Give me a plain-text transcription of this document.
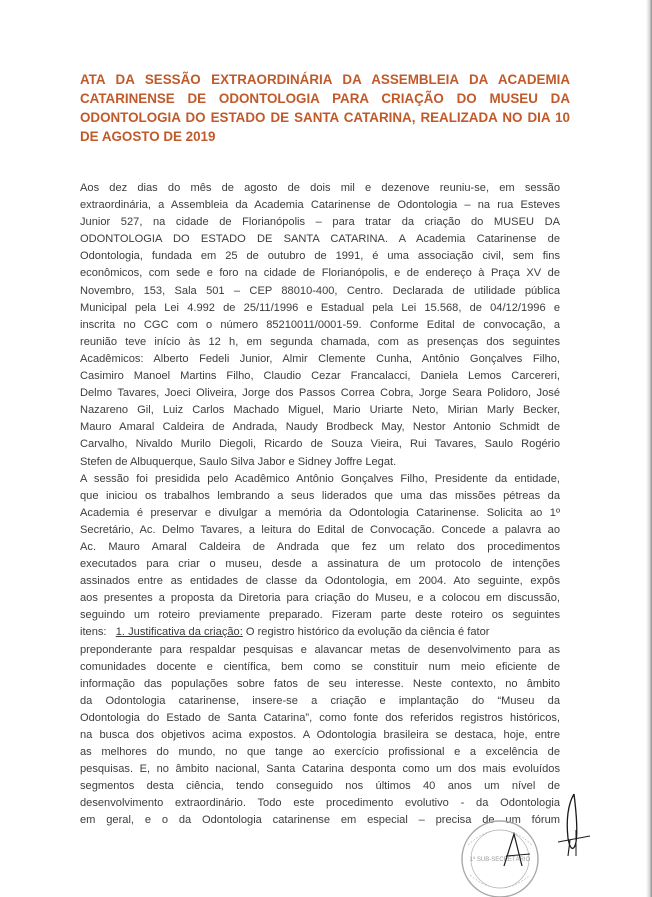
ATA DA SESSÃO EXTRAORDINÁRIA DA ASSEMBLEIA DA ACADEMIA
CATARINENSE DE ODONTOLOGIA PARA CRIAÇÃO DO MUSEU DA
ODONTOLOGIA DO ESTADO DE SANTA CATARINA, REALIZADA NO DIA 10
DE AGOSTO DE 2019
Aos dez dias do mês de agosto de dois mil e dezenove reuniu-se, em sessão
extraordinária, a Assembleia da Academia Catarinense de Odontologia – na rua Esteves
Junior 527, na cidade de Florianópolis – para tratar da criação do MUSEU DA
ODONTOLOGIA DO ESTADO DE SANTA CATARINA. A Academia Catarinense de
Odontologia, fundada em 25 de outubro de 1991, é uma associação civil, sem fins
econômicos, com sede e foro na cidade de Florianópolis, e de endereço à Praça XV de
Novembro, 153, Sala 501 – CEP 88010-400, Centro. Declarada de utilidade pública
Municipal pela Lei 4.992 de 25/11/1996 e Estadual pela Lei 15.568, de 04/12/1996 e
inscrita no CGC com o número 85210011/0001-59. Conforme Edital de convocação, a
reunião teve início às 12 h, em segunda chamada, com as presenças dos seguintes
Acadêmicos: Alberto Fedeli Junior, Almir Clemente Cunha, Antônio Gonçalves Filho,
Casimiro Manoel Martins Filho, Claudio Cezar Francalacci, Daniela Lemos Carcereri,
Delmo Tavares, Joeci Oliveira, Jorge dos Passos Correa Cobra, Jorge Seara Polidoro, José
Nazareno Gil, Luiz Carlos Machado Miguel, Mario Uriarte Neto, Mirian Marly Becker,
Mauro Amaral Caldeira de Andrada, Naudy Brodbeck May, Nestor Antonio Schmidt de
Carvalho, Nivaldo Murilo Diegoli, Ricardo de Souza Vieira, Rui Tavares, Saulo Rogério
Stefen de Albuquerque, Saulo Silva Jabor e Sidney Joffre Legat.
A sessão foi presidida pelo Acadêmico Antônio Gonçalves Filho, Presidente da entidade,
que iniciou os trabalhos lembrando a seus liderados que uma das missões pétreas da
Academia é preservar e divulgar a memória da Odontologia Catarinense. Solicita ao 1º
Secretário, Ac. Delmo Tavares, a leitura do Edital de Convocação. Concede a palavra ao
Ac. Mauro Amaral Caldeira de Andrada que fez um relato dos procedimentos
executados para criar o museu, desde a assinatura de um protocolo de intenções
assinados entre as entidades de classe da Odontologia, em 2004. Ato seguinte, expôs
aos presentes a proposta da Diretoria para criação do Museu, e a colocou em discussão,
seguindo um roteiro previamente preparado. Fizeram parte deste roteiro os seguintes
itens: 1. Justificativa da criação: O registro histórico da evolução da ciência é fator
preponderante para respaldar pesquisas e alavancar metas de desenvolvimento para as
comunidades docente e científica, bem como se constituir num meio eficiente de
informação das populações sobre fatos de seu interesse. Neste contexto, no âmbito
da Odontologia catarinense, insere-se a criação e implantação do “Museu da
Odontologia do Estado de Santa Catarina”, como fonte dos referidos registros históricos,
na busca dos objetivos acima expostos. A Odontologia brasileira se destaca, hoje, entre
as melhores do mundo, no que tange ao exercício profissional e a excelência de
pesquisas. E, no âmbito nacional, Santa Catarina desponta como um dos mais evoluídos
segmentos desta ciência, tendo conseguido nos últimos 40 anos um nível de
desenvolvimento extraordinário. Todo este procedimento evolutivo - da Odontologia
em geral, e o da Odontologia catarinense em especial – precisa de um fórum
1º SUB-SECRETÁRIO
